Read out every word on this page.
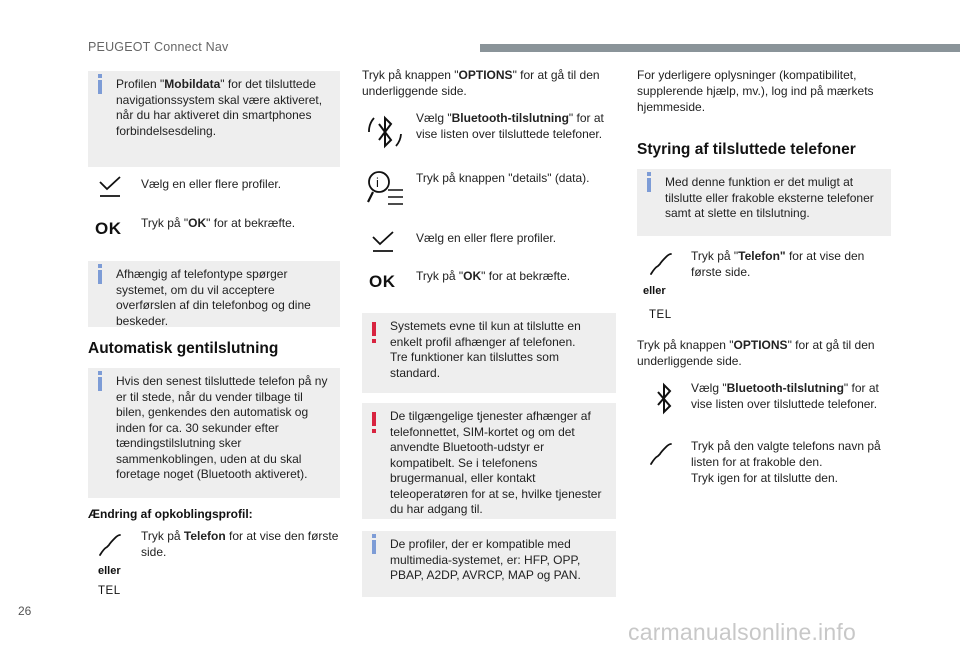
PEUGEOT Connect Nav

Profilen "Mobildata" for det tilsluttede navigationssystem skal være aktiveret, når du har aktiveret din smartphones forbindelsesdeling.

Vælg en eller flere profiler.
OK Tryk på "OK" for at bekræfte.

Afhængig af telefontype spørger systemet, om du vil acceptere overførslen af din telefonbog og dine beskeder.

Automatisk gentilslutning

Hvis den senest tilsluttede telefon på ny er til stede, når du vender tilbage til bilen, genkendes den automatisk og inden for ca. 30 sekunder efter tændingstilslutning sker sammenkoblingen, uden at du skal foretage noget (Bluetooth aktiveret).

Ændring af opkoblingsprofil:
eller
TEL
Tryk på Telefon for at vise den første side.
Tryk på knappen "OPTIONS" for at gå til den underliggende side.
Vælg "Bluetooth-tilslutning" for at vise listen over tilsluttede telefoner.
i	Tryk på knappen "details" (data).
Vælg en eller flere profiler.
OK Tryk på "OK" for at bekræfte.

Systemets evne til kun at tilslutte en enkelt profil afhænger af telefonen.

Tre funktioner kan tilsluttes som standard.

De tilgængelige tjenester afhænger af telefonnettet, SIM-kortet og om det anvendte Bluetooth-udstyr er kompatibelt. Se i telefonens brugermanual, eller kontakt teleoperatøren for at se, hvilke tjenester du har adgang til.

De profiler, der er kompatible med multimedia-systemet, er: HFP, OPP, PBAP, A2DP, AVRCP, MAP og PAN.

For yderligere oplysninger (kompatibilitet, supplerende hjælp, mv.), log ind på mærkets hjemmeside.
Styring af tilsluttede telefoner

Med denne funktion er det muligt at tilslutte eller frakoble eksterne telefoner samt at slette en tilslutning.

eller
TEL
Tryk på "Telefon" for at vise den første side.
Tryk på knappen "OPTIONS" for at gå til den underliggende side.
Vælg "Bluetooth-tilslutning" for at vise listen over tilsluttede telefoner.
Tryk på den valgte telefons navn på listen for at frakoble den.
Tryk igen for at tilslutte den.
26
carmanualsonline.info
